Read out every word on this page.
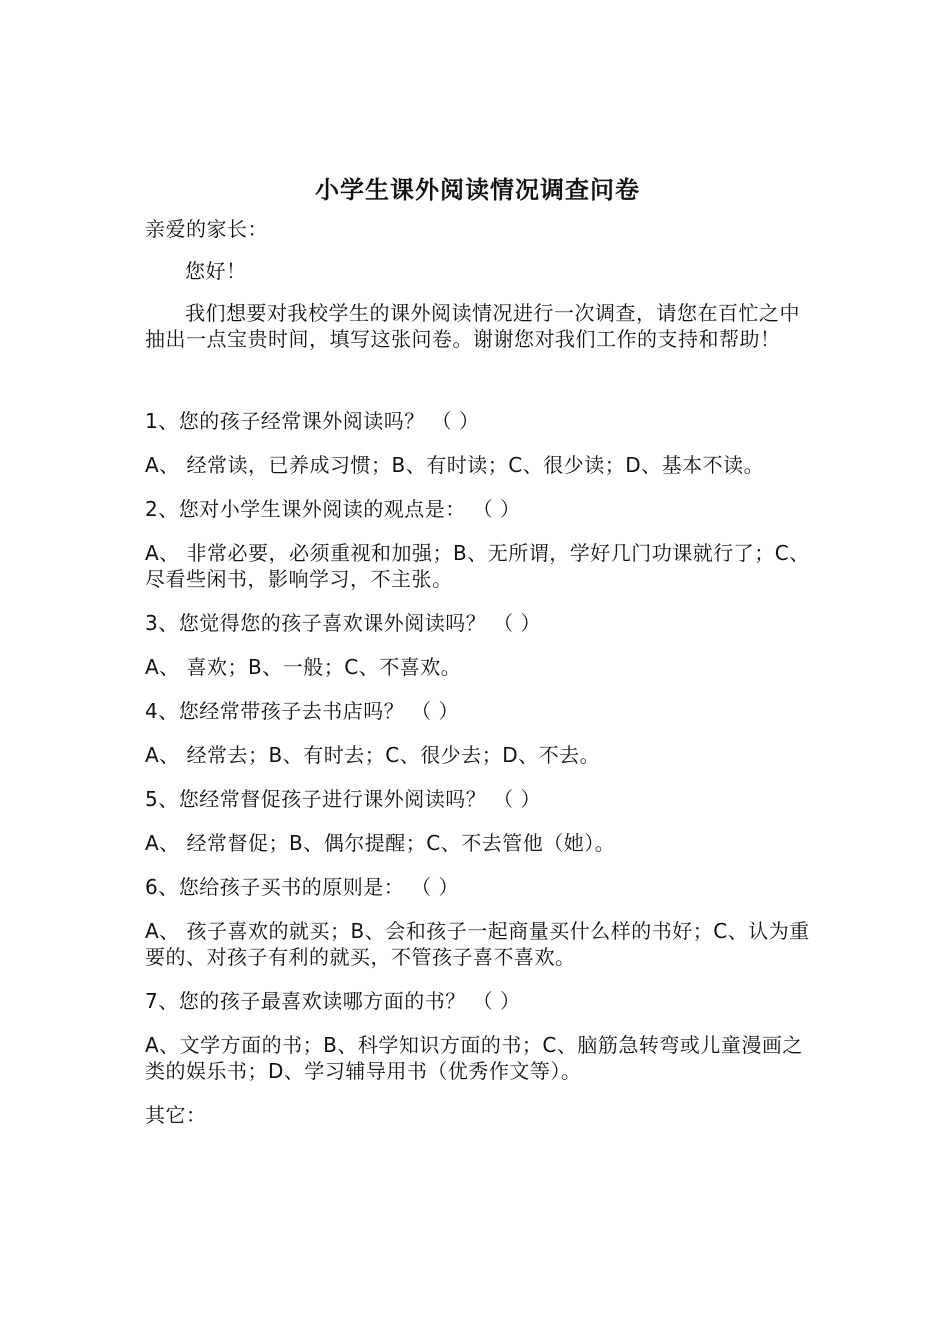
小学生课外阅读情况调查问卷

亲爱的家长：

您好！

我们想要对我校学生的课外阅读情况进行一次调查，请您在百忙之中抽出一点宝贵时间，填写这张问卷。谢谢您对我们工作的支持和帮助！

1、您的孩子经常课外阅读吗？ （ ）

A、 经常读，已养成习惯；B、有时读；C、很少读；D、基本不读。

2、您对小学生课外阅读的观点是： （ ）

A、 非常必要，必须重视和加强；B、无所谓，学好几门功课就行了；C、尽看些闲书，影响学习，不主张。

3、您觉得您的孩子喜欢课外阅读吗？ （ ）

A、 喜欢；B、一般；C、不喜欢。

4、您经常带孩子去书店吗？ （ ）

A、 经常去；B、有时去；C、很少去；D、不去。

5、您经常督促孩子进行课外阅读吗？ （ ）

A、 经常督促；B、偶尔提醒；C、不去管他（她）。

6、您给孩子买书的原则是： （ ）

A、 孩子喜欢的就买；B、会和孩子一起商量买什么样的书好；C、认为重要的、对孩子有利的就买，不管孩子喜不喜欢。

7、您的孩子最喜欢读哪方面的书？ （ ）

A、文学方面的书；B、科学知识方面的书；C、脑筋急转弯或儿童漫画之类的娱乐书；D、学习辅导用书（优秀作文等）。

其它：
